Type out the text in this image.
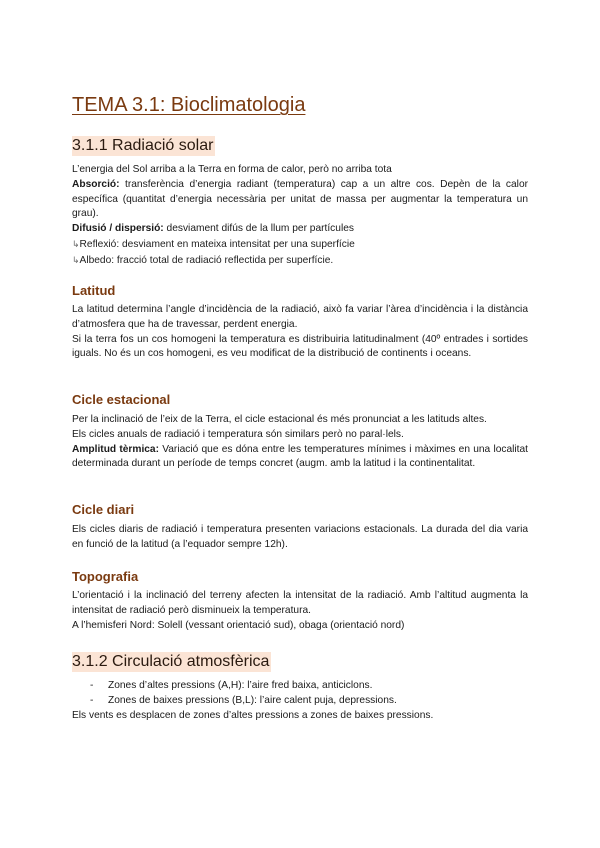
TEMA 3.1: Bioclimatologia
3.1.1 Radiació solar
L’energia del Sol arriba a la Terra en forma de calor, però no arriba tota
Absorció: transferència d’energia radiant (temperatura) cap a un altre cos. Depèn de la calor específica (quantitat d’energia necessària per unitat de massa per augmentar la temperatura un grau).
Difusió / dispersió: desviament difús de la llum per partícules
↳Reflexió: desviament en mateixa intensitat per una superfície
↳Albedo: fracció total de radiació reflectida per superfície.
Latitud
La latitud determina l’angle d’incidència de la radiació, això fa variar l’àrea d’incidència i la distància d’atmosfera que ha de travessar, perdent energia.
Si la terra fos un cos homogeni la temperatura es distribuiria latitudinalment (40º entrades i sortides iguals. No és un cos homogeni, es veu modificat de la distribució de continents i oceans.
Cicle estacional
Per la inclinació de l’eix de la Terra, el cicle estacional és més pronunciat a les latituds altes.
Els cicles anuals de radiació i temperatura són similars però no paral·lels.
Amplitud tèrmica: Variació que es dóna entre les temperatures mínimes i màximes en una localitat determinada durant un període de temps concret (augm. amb la latitud i la continentalitat.
Cicle diari
Els cicles diaris de radiació i temperatura presenten variacions estacionals. La durada del dia varia en funció de la latitud (a l’equador sempre 12h).
Topografia
L’orientació i la inclinació del terreny afecten la intensitat de la radiació. Amb l’altitud augmenta la intensitat de radiació però disminueix la temperatura.
A l’hemisferi Nord: Solell (vessant orientació sud), obaga (orientació nord)
3.1.2 Circulació atmosfèrica
- Zones d’altes pressions (A,H): l’aire fred baixa, anticiclons.
- Zones de baixes pressions (B,L): l’aire calent puja, depressions.
Els vents es desplacen de zones d’altes pressions a zones de baixes pressions.
